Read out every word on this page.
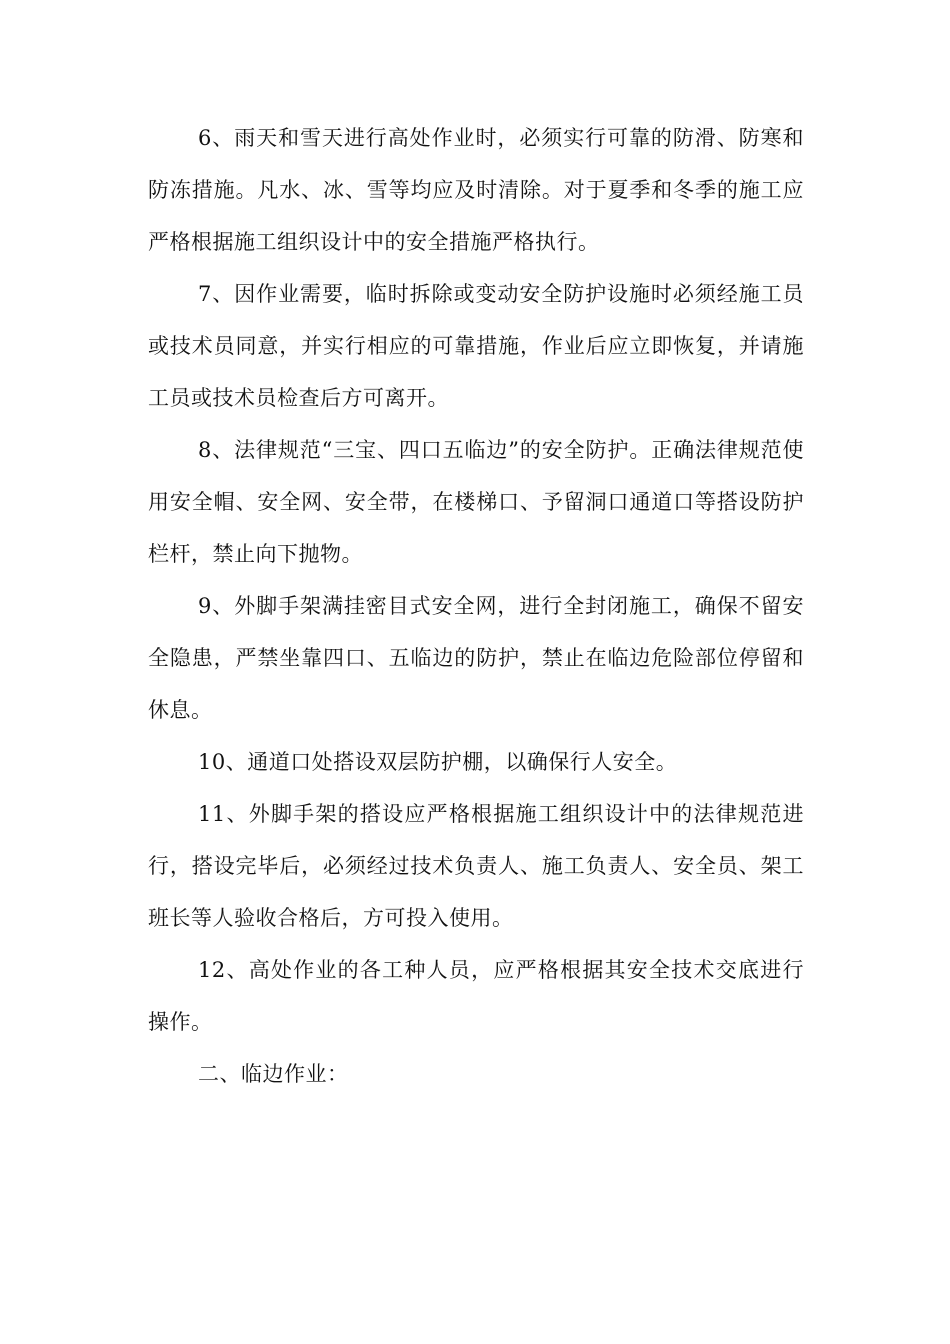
6、雨天和雪天进行高处作业时，必须实行可靠的防滑、防寒和防冻措施。凡水、冰、雪等均应及时清除。对于夏季和冬季的施工应严格根据施工组织设计中的安全措施严格执行。

7、因作业需要，临时拆除或变动安全防护设施时必须经施工员或技术员同意，并实行相应的可靠措施，作业后应立即恢复，并请施工员或技术员检查后方可离开。

8、法律规范“三宝、四口五临边”的安全防护。正确法律规范使用安全帽、安全网、安全带，在楼梯口、予留洞口通道口等搭设防护栏杆，禁止向下抛物。

9、外脚手架满挂密目式安全网，进行全封闭施工，确保不留安全隐患，严禁坐靠四口、五临边的防护，禁止在临边危险部位停留和休息。

10、通道口处搭设双层防护棚，以确保行人安全。

11、外脚手架的搭设应严格根据施工组织设计中的法律规范进行，搭设完毕后，必须经过技术负责人、施工负责人、安全员、架工班长等人验收合格后，方可投入使用。

12、高处作业的各工种人员，应严格根据其安全技术交底进行操作。

二、临边作业：
